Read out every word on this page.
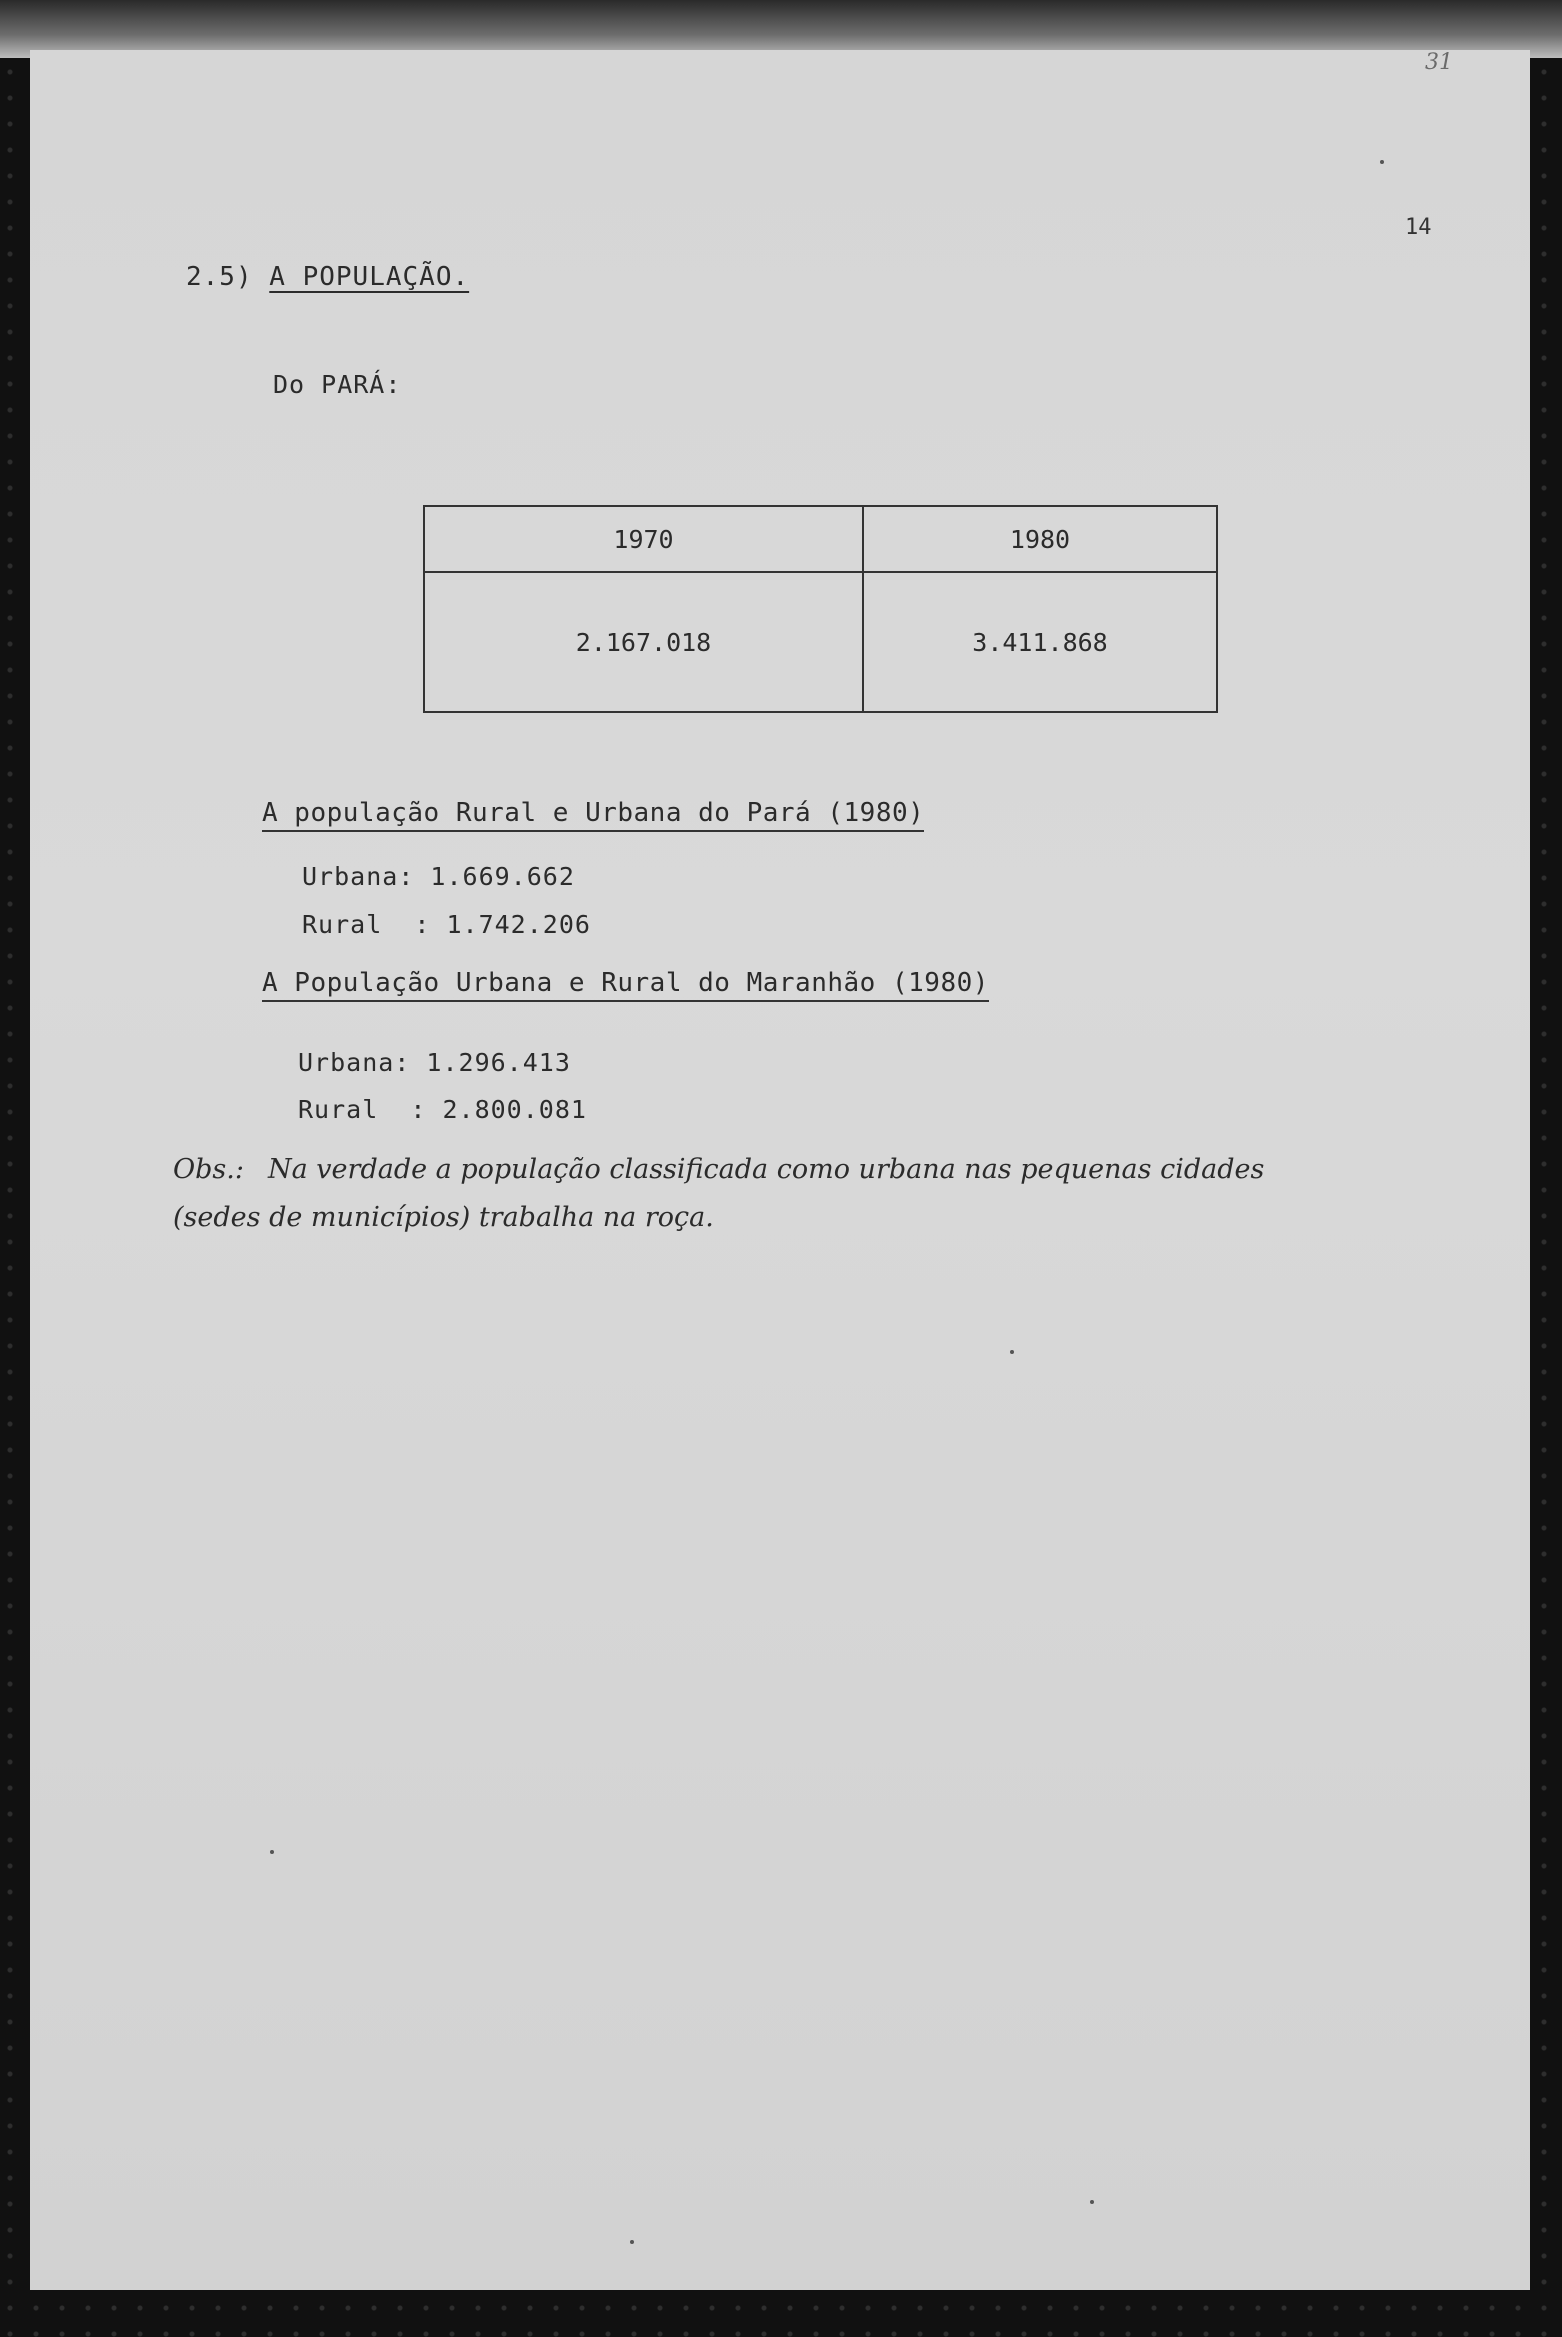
31
14
2.5) A POPULAÇÃO.
Do PARÁ:
1970	1980
2.167.018	3.411.868
A população Rural e Urbana do Pará (1980)
Urbana: 1.669.662
Rural  : 1.742.206
A População Urbana e Rural do Maranhão (1980)
Urbana: 1.296.413
Rural  : 2.800.081
Obs.: Na verdade a população classificada como urbana nas pequenas cidades (sedes de municípios) trabalha na roça.
